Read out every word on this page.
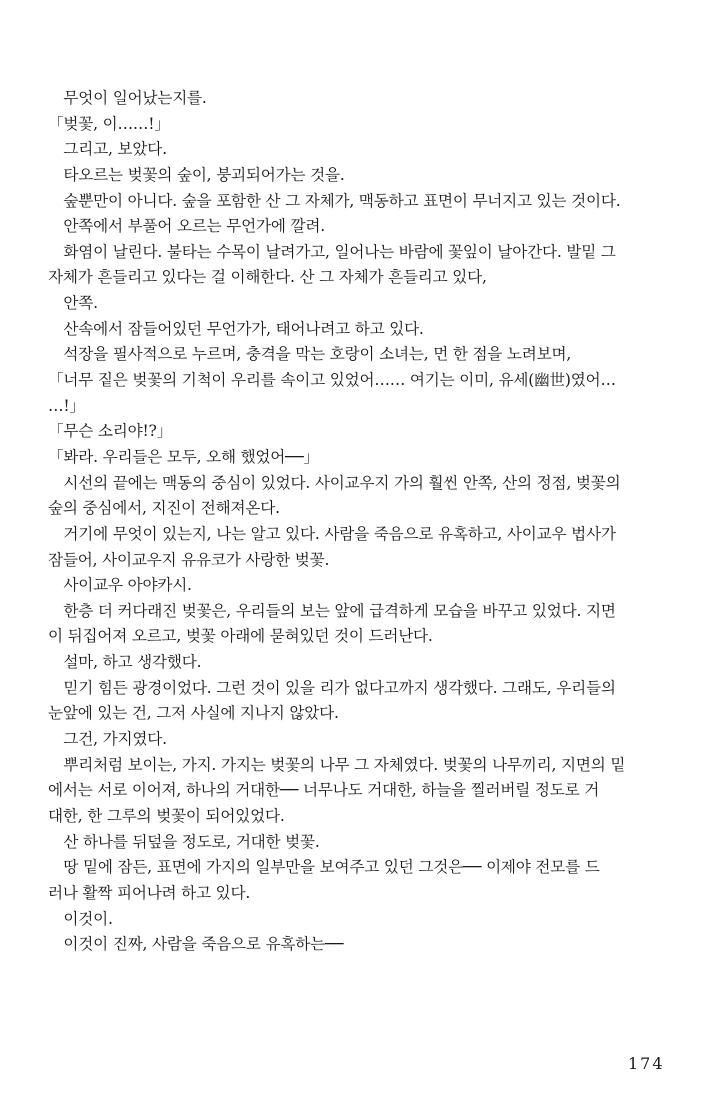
　무엇이 일어났는지를.
「벚꽃, 이……!」
　그리고, 보았다.
　타오르는 벚꽃의 숲이, 붕괴되어가는 것을.
　숲뿐만이 아니다. 숲을 포함한 산 그 자체가, 맥동하고 표면이 무너지고 있는 것이다.
　안쪽에서 부풀어 오르는 무언가에 깔려.
　화염이 날린다. 불타는 수목이 날려가고, 일어나는 바람에 꽃잎이 날아간다. 발밑 그
자체가 흔들리고 있다는 걸 이해한다. 산 그 자체가 흔들리고 있다,
　안쪽.
　산속에서 잠들어있던 무언가가, 태어나려고 하고 있다.
　석장을 필사적으로 누르며, 충격을 막는 호랑이 소녀는, 먼 한 점을 노려보며,
「너무 짙은 벚꽃의 기척이 우리를 속이고 있었어…… 여기는 이미, 유세(幽世)였어…
…!」
「무슨 소리야!?」
「봐라. 우리들은 모두, 오해 했었어──」
　시선의 끝에는 맥동의 중심이 있었다. 사이교우지 가의 훨씬 안쪽, 산의 정점, 벚꽃의
숲의 중심에서, 지진이 전해져온다.
　거기에 무엇이 있는지, 나는 알고 있다. 사람을 죽음으로 유혹하고, 사이교우 법사가
잠들어, 사이교우지 유유코가 사랑한 벚꽃.
　사이교우 아야카시.
　한층 더 커다래진 벚꽃은, 우리들의 보는 앞에 급격하게 모습을 바꾸고 있었다. 지면
이 뒤집어져 오르고, 벚꽃 아래에 묻혀있던 것이 드러난다.
　설마, 하고 생각했다.
　믿기 힘든 광경이었다. 그런 것이 있을 리가 없다고까지 생각했다. 그래도, 우리들의
눈앞에 있는 건, 그저 사실에 지나지 않았다.
　그건, 가지였다.
　뿌리처럼 보이는, 가지. 가지는 벚꽃의 나무 그 자체였다. 벚꽃의 나무끼리, 지면의 밑
에서는 서로 이어져, 하나의 거대한── 너무나도 거대한, 하늘을 찔러버릴 정도로 거
대한, 한 그루의 벚꽃이 되어있었다.
　산 하나를 뒤덮을 정도로, 거대한 벚꽃.
　땅 밑에 잠든, 표면에 가지의 일부만을 보여주고 있던 그것은── 이제야 전모를 드
러나 활짝 피어나려 하고 있다.
　이것이.
　이것이 진짜, 사람을 죽음으로 유혹하는──
174
